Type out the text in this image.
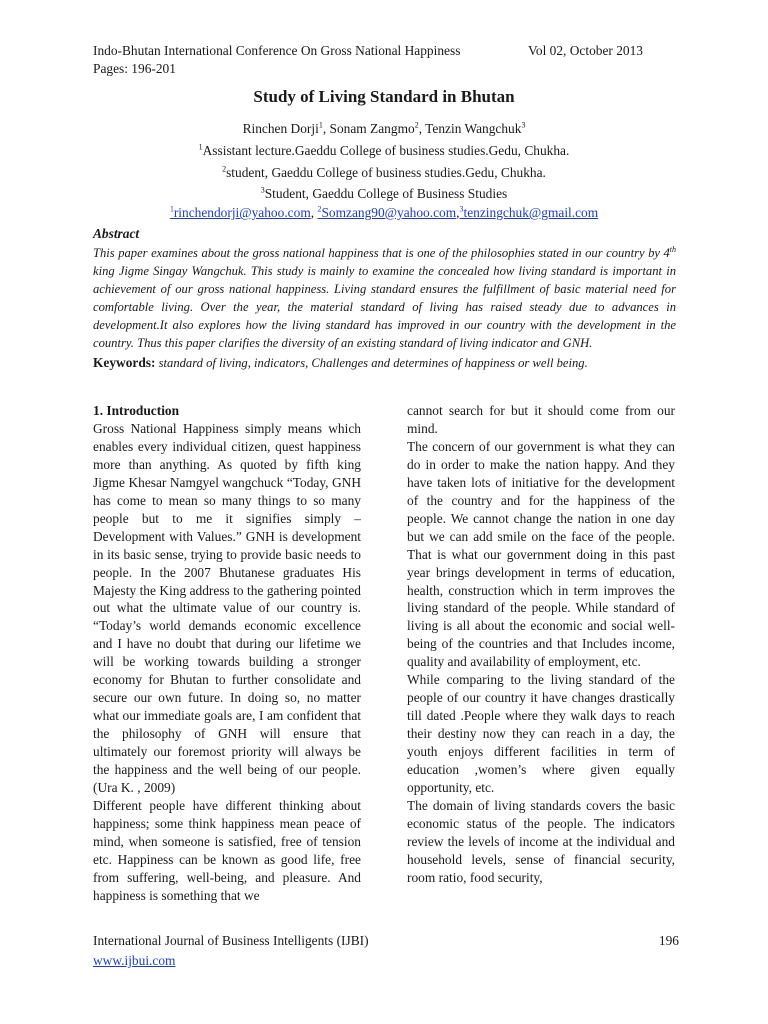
Indo-Bhutan International Conference On Gross National Happiness	Vol 02, October 2013
Pages: 196-201
Study of Living Standard in Bhutan
Rinchen Dorji$^1$, Sonam Zangmo$^2$, Tenzin Wangchuk$^3$
$^1$Assistant lecture.Gaeddu College of business studies.Gedu, Chukha.
$^2$student, Gaeddu College of business studies.Gedu, Chukha.
$^3$Student, Gaeddu College of Business Studies
$^1$rinchendorji@yahoo.com, $^2$Somzang90@yahoo.com,$^3$tenzingchuk@gmail.com
Abstract
This paper examines about the gross national happiness that is one of the philosophies stated in our country by 4th king Jigme Singay Wangchuk. This study is mainly to examine the concealed how living standard is important in achievement of our gross national happiness. Living standard ensures the fulfillment of basic material need for comfortable living. Over the year, the material standard of living has raised steady due to advances in development.It also explores how the living standard has improved in our country with the development in the country. Thus this paper clarifies the diversity of an existing standard of living indicator and GNH.
Keywords: standard of living, indicators, Challenges and determines of happiness or well being.

1. Introduction

Gross National Happiness simply means which enables every individual citizen, quest happiness more than anything. As quoted by fifth king Jigme Khesar Namgyel wangchuck “Today, GNH has come to mean so many things to so many people but to me it signifies simply – Development with Values.” GNH is development in its basic sense, trying to provide basic needs to people. In the 2007 Bhutanese graduates His Majesty the King address to the gathering pointed out what the ultimate value of our country is. “Today’s world demands economic excellence and I have no doubt that during our lifetime we will be working towards building a stronger economy for Bhutan to further consolidate and secure our own future. In doing so, no matter what our immediate goals are, I am confident that the philosophy of GNH will ensure that ultimately our foremost priority will always be the happiness and the well being of our people. (Ura K. , 2009)

Different people have different thinking about happiness; some think happiness mean peace of mind, when someone is satisfied, free of tension etc. Happiness can be known as good life, free from suffering, well-being, and pleasure. And happiness is something that we

cannot search for but it should come from our mind.

The concern of our government is what they can do in order to make the nation happy. And they have taken lots of initiative for the development of the country and for the happiness of the people. We cannot change the nation in one day but we can add smile on the face of the people. That is what our government doing in this past year brings development in terms of education, health, construction which in term improves the living standard of the people. While standard of living is all about the economic and social well-being of the countries and that Includes income, quality and availability of employment, etc.

While comparing to the living standard of the people of our country it have changes drastically till dated .People where they walk days to reach their destiny now they can reach in a day, the youth enjoys different facilities in term of education ,women’s where given equally opportunity, etc.

The domain of living standards covers the basic economic status of the people. The indicators review the levels of income at the individual and household levels, sense of financial security, room ratio, food security,

International Journal of Business Intelligents (IJBI)	196
www.ijbui.com
